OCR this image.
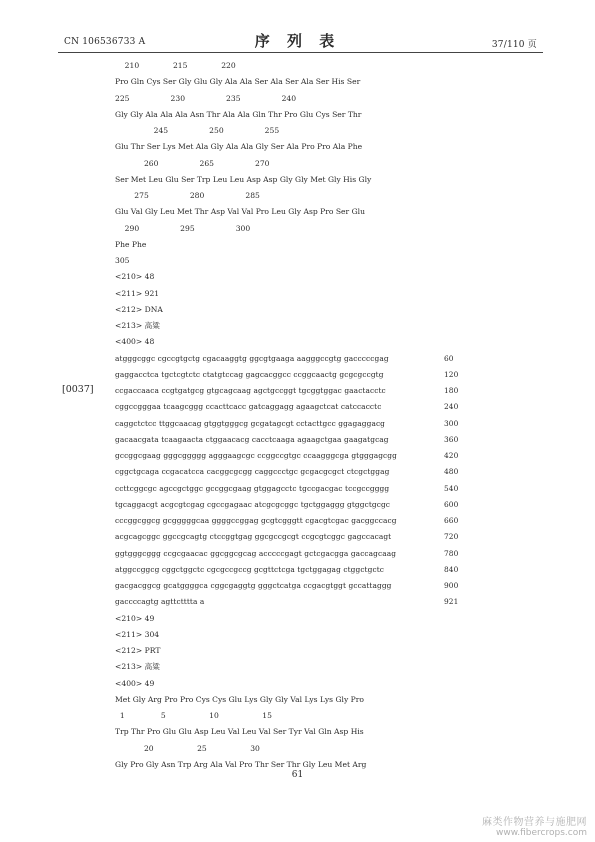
CN 106536733 A	序 列 表	37/110 页
[0037]
210              215              220
Pro Gln Cys Ser Gly Glu Gly Ala Ala Ser Ala Ser Ala Ser His Ser
225                 230                 235                 240
Gly Gly Ala Ala Ala Asn Thr Ala Ala Gln Thr Pro Glu Cys Ser Thr
245                 250                 255
Glu Thr Ser Lys Met Ala Gly Ala Ala Gly Ser Ala Pro Pro Ala Phe
260                 265                 270
Ser Met Leu Glu Ser Trp Leu Leu Asp Asp Gly Gly Met Gly His Gly
275                 280                 285
Glu Val Gly Leu Met Thr Asp Val Val Pro Leu Gly Asp Pro Ser Glu
290                 295                 300
Phe Phe
305
<210> 48
<211> 921
<212> DNA
<213> 高粱
<400> 48
atgggcggc cgccgtgctg cgacaaggtg ggcgtgaaga aagggccgtg gacccccgag	60
gaggacctca tgctcgtctc ctatgtccag gagcacggcc ccggcaactg gcgcgccgtg	120
ccgaccaaca ccgtgatgcg gtgcagcaag agctgccggt tgcggtggac gaactacctc	180
cggccgggaa tcaagcggg ccacttcacc gatcaggagg agaagctcat catccacctc	240
caggctctcc ttggcaacag gtggtgggcg gcgatagcgt cctacttgcc ggagaggacg	300
gacaacgata tcaagaacta ctggaacacg cacctcaaga agaagctgaa gaagatgcag	360
gccggcgaag gggcggggg agggaagcgc ccggccgtgc ccaagggcga gtgggagcgg	420
cggctgcaga ccgacatcca cacggcgcgg caggccctgc gcgacgcgct ctcgctggag	480
ccttcggcgc agccgctggc gccggcgaag gtggagcctc tgccgacgac tccgccgggg	540
tgcaggacgt acgcgtcgag cgccgagaac atcgcgcggc tgctggaggg gtggctgcgc	600
cccggcggcg gcgggggcaa ggggccggag gcgtcgggtt cgacgtcgac gacggccacg	660
acgcagcggc ggccgcagtg ctccggtgag ggcgccgcgt ccgcgtcggc gagccacagt	720
ggtgggcggg ccgcgaacac ggcggcgcag acccccgagt gctcgacgga gaccagcaag	780
atggccggcg cggctggctc cgcgccgccg gcgttctcga tgctggagag ctggctgctc	840
gacgacggcg gcatggggca cggcgaggtg gggctcatga ccgacgtggt gccattaggg	900
gaccccagtg agttctttta a	921
<210> 49
<211> 304
<212> PRT
<213> 高粱
<400> 49
Met Gly Arg Pro Pro Cys Cys Glu Lys Gly Gly Val Lys Lys Gly Pro
1               5                  10                  15
Trp Thr Pro Glu Glu Asp Leu Val Leu Val Ser Tyr Val Gln Asp His
20                  25                  30
Gly Pro Gly Asn Trp Arg Ala Val Pro Thr Ser Thr Gly Leu Met Arg
61
麻类作物营养与施肥网
www.fibercrops.com
